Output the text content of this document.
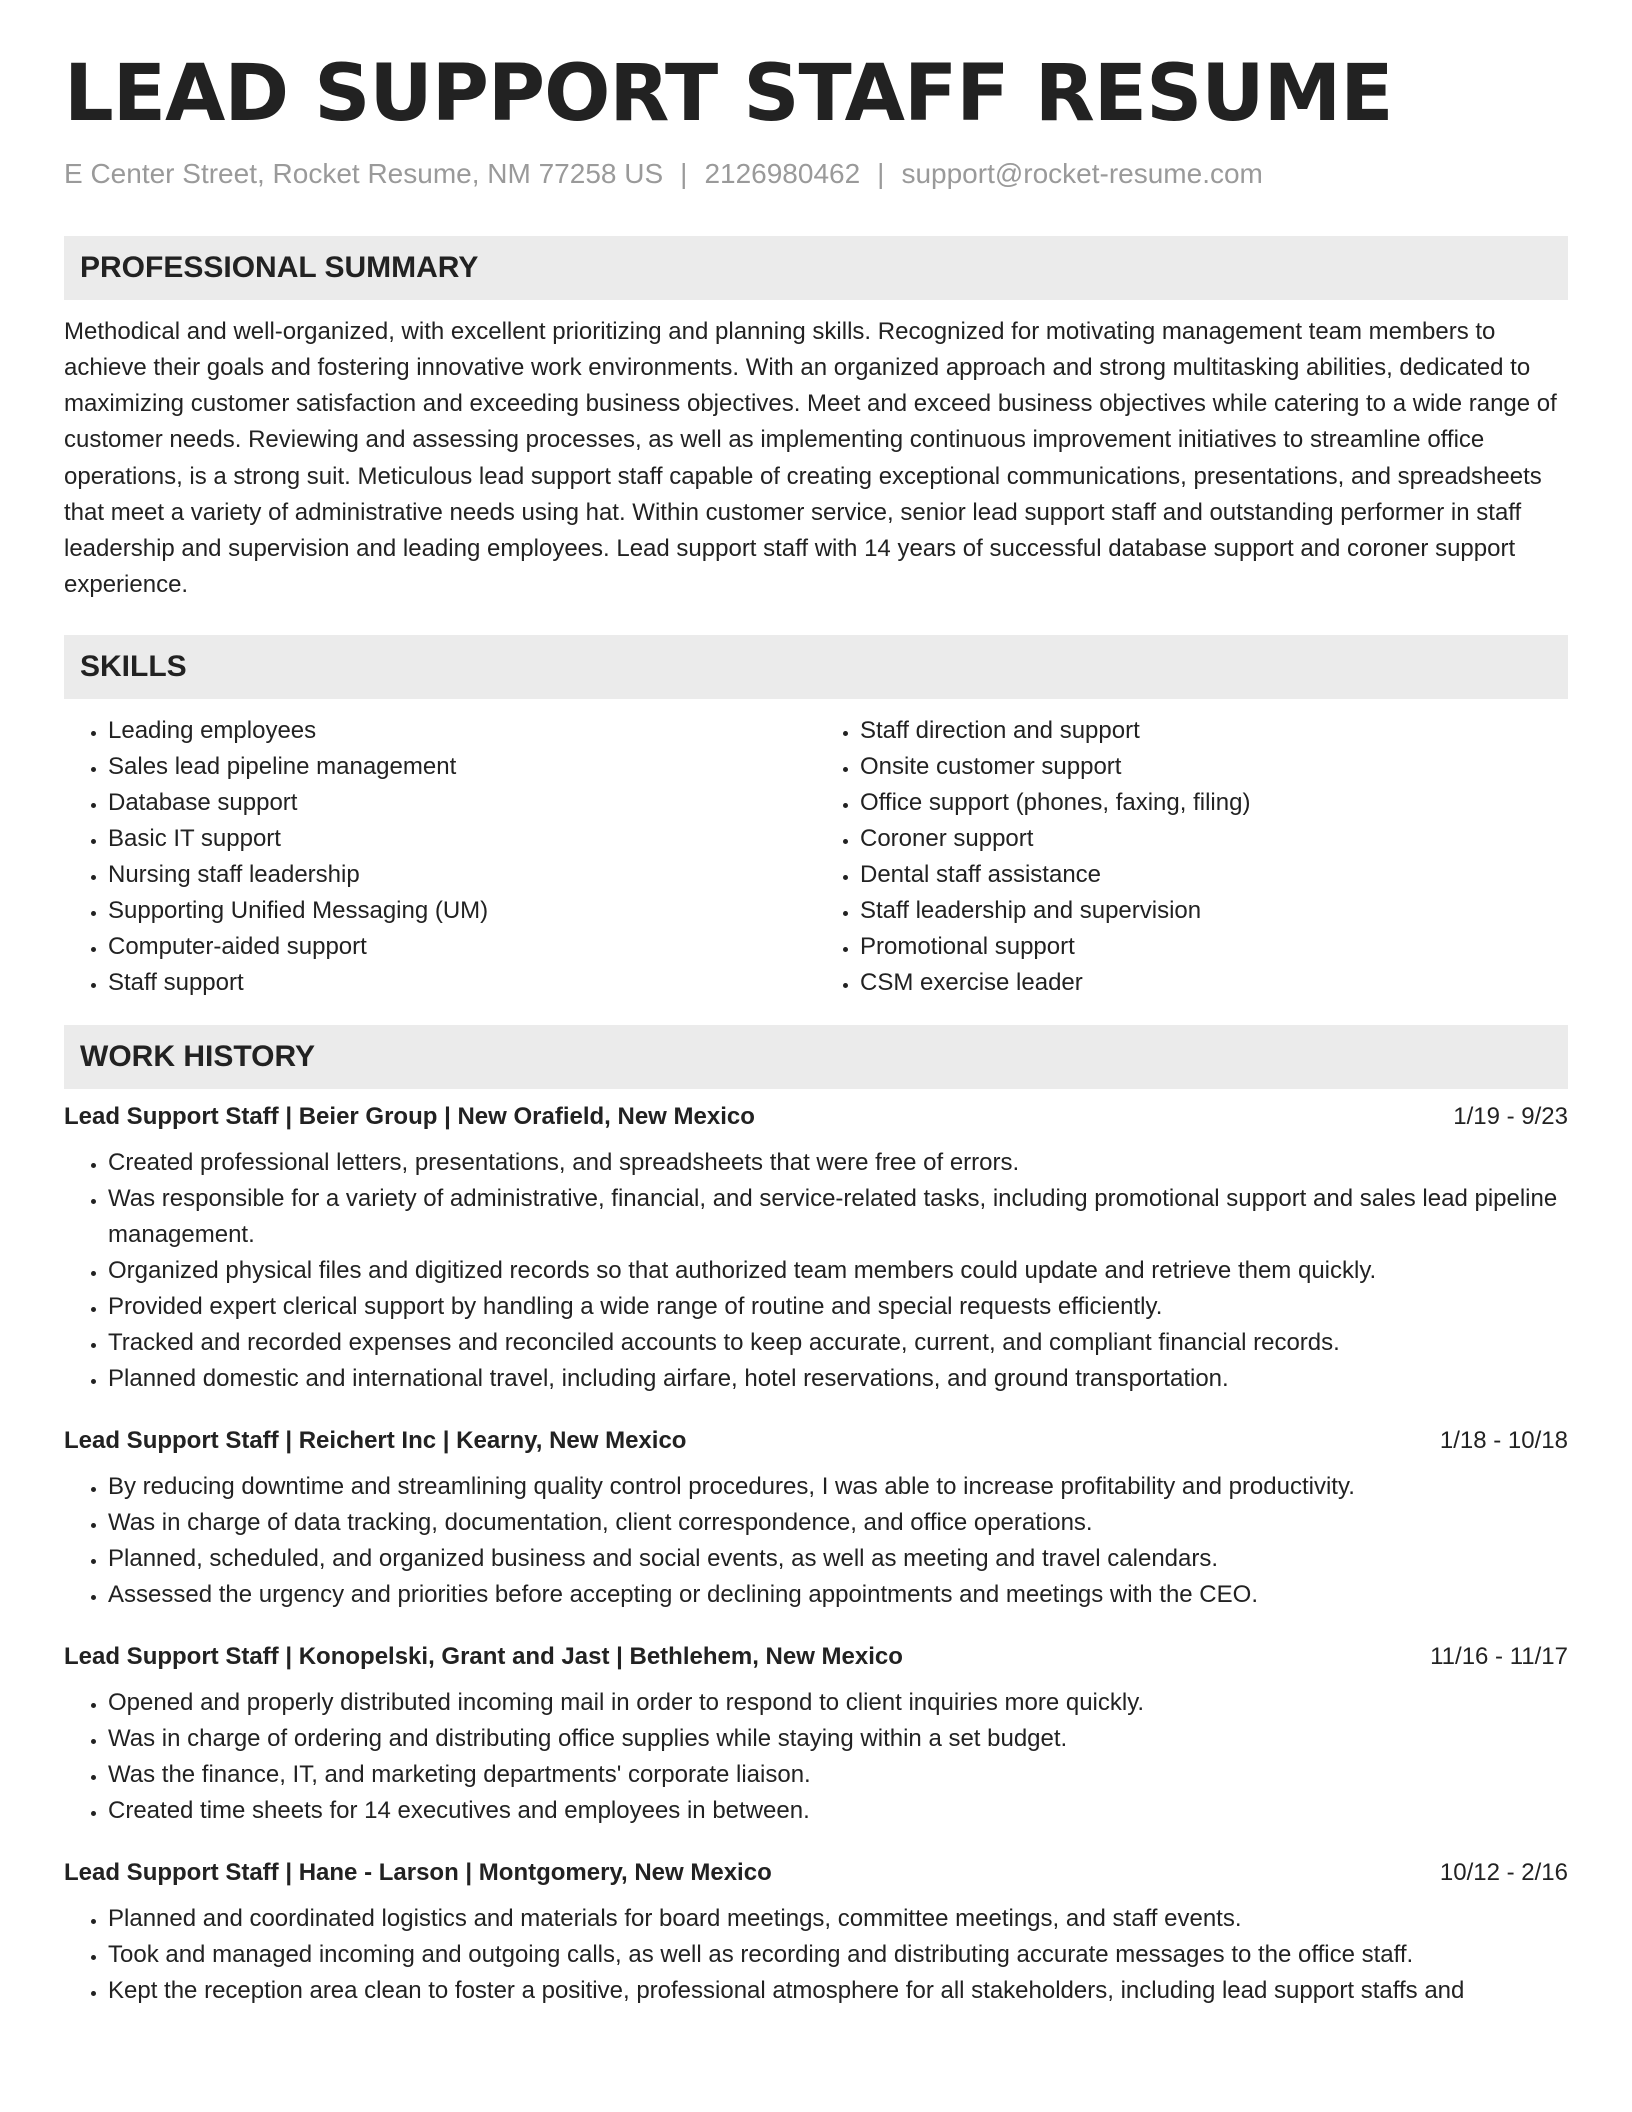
LEAD SUPPORT STAFF RESUME
E Center Street, Rocket Resume, NM 77258 US | 2126980462 | support@rocket-resume.com
PROFESSIONAL SUMMARY

Methodical and well-organized, with excellent prioritizing and planning skills. Recognized for motivating management team members to achieve their goals and fostering innovative work environments. With an organized approach and strong multitasking abilities, dedicated to maximizing customer satisfaction and exceeding business objectives. Meet and exceed business objectives while catering to a wide range of customer needs. Reviewing and assessing processes, as well as implementing continuous improvement initiatives to streamline office operations, is a strong suit. Meticulous lead support staff capable of creating exceptional communications, presentations, and spreadsheets that meet a variety of administrative needs using hat. Within customer service, senior lead support staff and outstanding performer in staff leadership and supervision and leading employees. Lead support staff with 14 years of successful database support and coroner support experience.

SKILLS
• Leading employees
• Sales lead pipeline management
• Database support
• Basic IT support
• Nursing staff leadership
• Supporting Unified Messaging (UM)
• Computer-aided support
• Staff support
• Staff direction and support
• Onsite customer support
• Office support (phones, faxing, filing)
• Coroner support
• Dental staff assistance
• Staff leadership and supervision
• Promotional support
• CSM exercise leader
WORK HISTORY
Lead Support Staff | Beier Group | New Orafield, New Mexico	1/19 - 9/23
• Created professional letters, presentations, and spreadsheets that were free of errors.
• Was responsible for a variety of administrative, financial, and service-related tasks, including promotional support and sales lead pipeline management.
• Organized physical files and digitized records so that authorized team members could update and retrieve them quickly.
• Provided expert clerical support by handling a wide range of routine and special requests efficiently.
• Tracked and recorded expenses and reconciled accounts to keep accurate, current, and compliant financial records.
• Planned domestic and international travel, including airfare, hotel reservations, and ground transportation.
Lead Support Staff | Reichert Inc | Kearny, New Mexico	1/18 - 10/18
• By reducing downtime and streamlining quality control procedures, I was able to increase profitability and productivity.
• Was in charge of data tracking, documentation, client correspondence, and office operations.
• Planned, scheduled, and organized business and social events, as well as meeting and travel calendars.
• Assessed the urgency and priorities before accepting or declining appointments and meetings with the CEO.
Lead Support Staff | Konopelski, Grant and Jast | Bethlehem, New Mexico	11/16 - 11/17
• Opened and properly distributed incoming mail in order to respond to client inquiries more quickly.
• Was in charge of ordering and distributing office supplies while staying within a set budget.
• Was the finance, IT, and marketing departments' corporate liaison.
• Created time sheets for 14 executives and employees in between.
Lead Support Staff | Hane - Larson | Montgomery, New Mexico	10/12 - 2/16
• Planned and coordinated logistics and materials for board meetings, committee meetings, and staff events.
• Took and managed incoming and outgoing calls, as well as recording and distributing accurate messages to the office staff.
• Kept the reception area clean to foster a positive, professional atmosphere for all stakeholders, including lead support staffs and
